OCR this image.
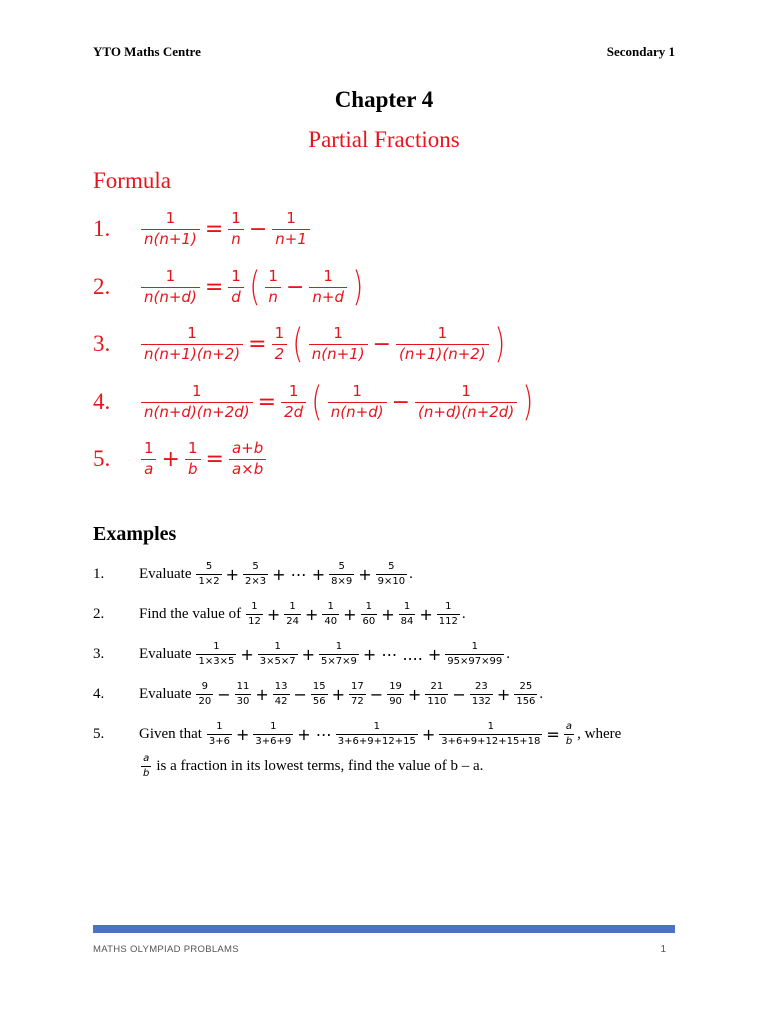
YTO Maths Centre	Secondary 1
Chapter 4
Partial Fractions
Formula
1.	$\frac{1}{n(n+1)} = \frac{1}{n} - \frac{1}{n+1}$
2.	$\frac{1}{n(n+d)} = \frac{1}{d}$ ( $\frac{1}{n} - \frac{1}{n+d}$ )
3.	$\frac{1}{n(n+1)(n+2)} = \frac{1}{2}$ ( $\frac{1}{n(n+1)} - \frac{1}{(n+1)(n+2)}$ )
4.	$\frac{1}{n(n+d)(n+2d)} = \frac{1}{2d}$ ( $\frac{1}{n(n+d)} - \frac{1}{(n+d)(n+2d)}$ )
5.	$\frac{1}{a} + \frac{1}{b} = \frac{a+b}{a\times b}$
Examples
1.	Evaluate $\frac{5}{1\times 2} + \frac{5}{2\times 3}$ + ⋯ + $\frac{5}{8\times 9} + \frac{5}{9\times 10}$ .
2.	Find the value of $\frac{1}{12} + \frac{1}{24} + \frac{1}{40} + \frac{1}{60} + \frac{1}{84} + \frac{1}{112}$ .
3.	Evaluate $\frac{1}{1\times 3\times 5} + \frac{1}{3\times 5\times 7} + \frac{1}{5\times 7\times 9}$ + ⋯ .... + $\frac{1}{95\times 97\times 99}$ .
4.	Evaluate $\frac{9}{20} - \frac{11}{30} + \frac{13}{42} - \frac{15}{56} + \frac{17}{72} - \frac{19}{90} + \frac{21}{110} - \frac{23}{132} + \frac{25}{156}$ .
5.	Given that $\frac{1}{3+6} + \frac{1}{3+6+9}$ + ⋯ $\frac{1}{3+6+9+12+15} + \frac{1}{3+6+9+12+15+18} = \frac{a}{b}$ , where
$\frac{a}{b}$ is a fraction in its lowest terms, find the value of b – a.
MATHS OLYMPIAD PROBLAMS	1
